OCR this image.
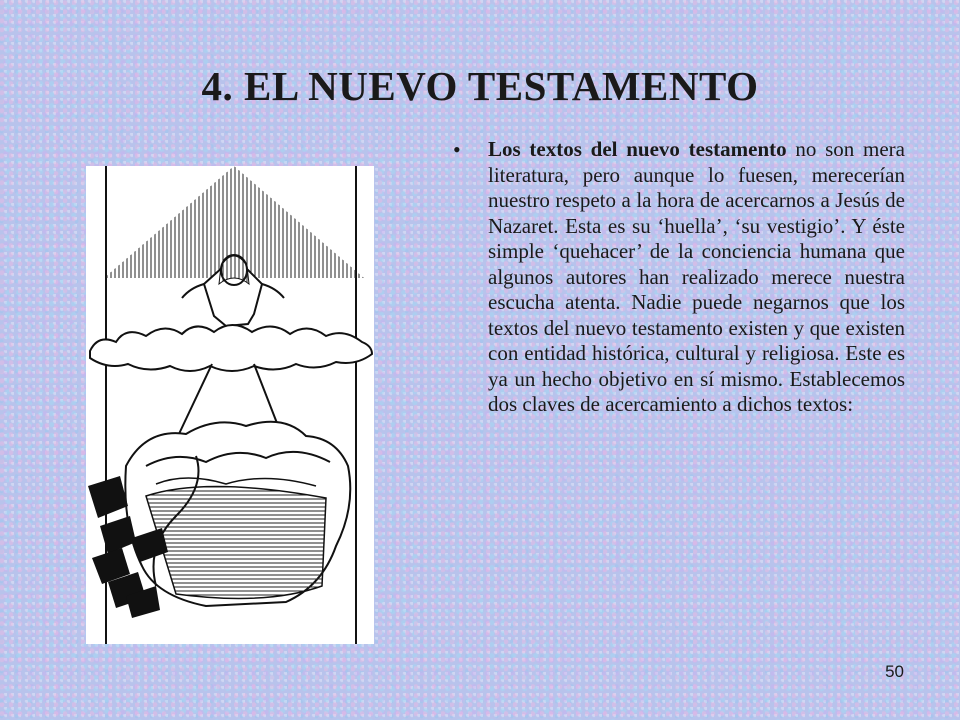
4. EL NUEVO TESTAMENTO
• Los textos del nuevo testamento no son mera literatura, pero aunque lo fuesen, merecerían nuestro respeto a la hora de acercarnos a Jesús de Nazaret. Esta es su ‘huella’, ‘su vestigio’. Y éste simple ‘quehacer’ de la conciencia humana que algunos autores han realizado merece nuestra escucha atenta. Nadie puede negarnos que los textos del nuevo testamento existen y que existen con entidad histórica, cultural y religiosa. Este es ya un hecho objetivo en sí mismo. Establecemos dos claves de acercamiento a dichos textos:

50
